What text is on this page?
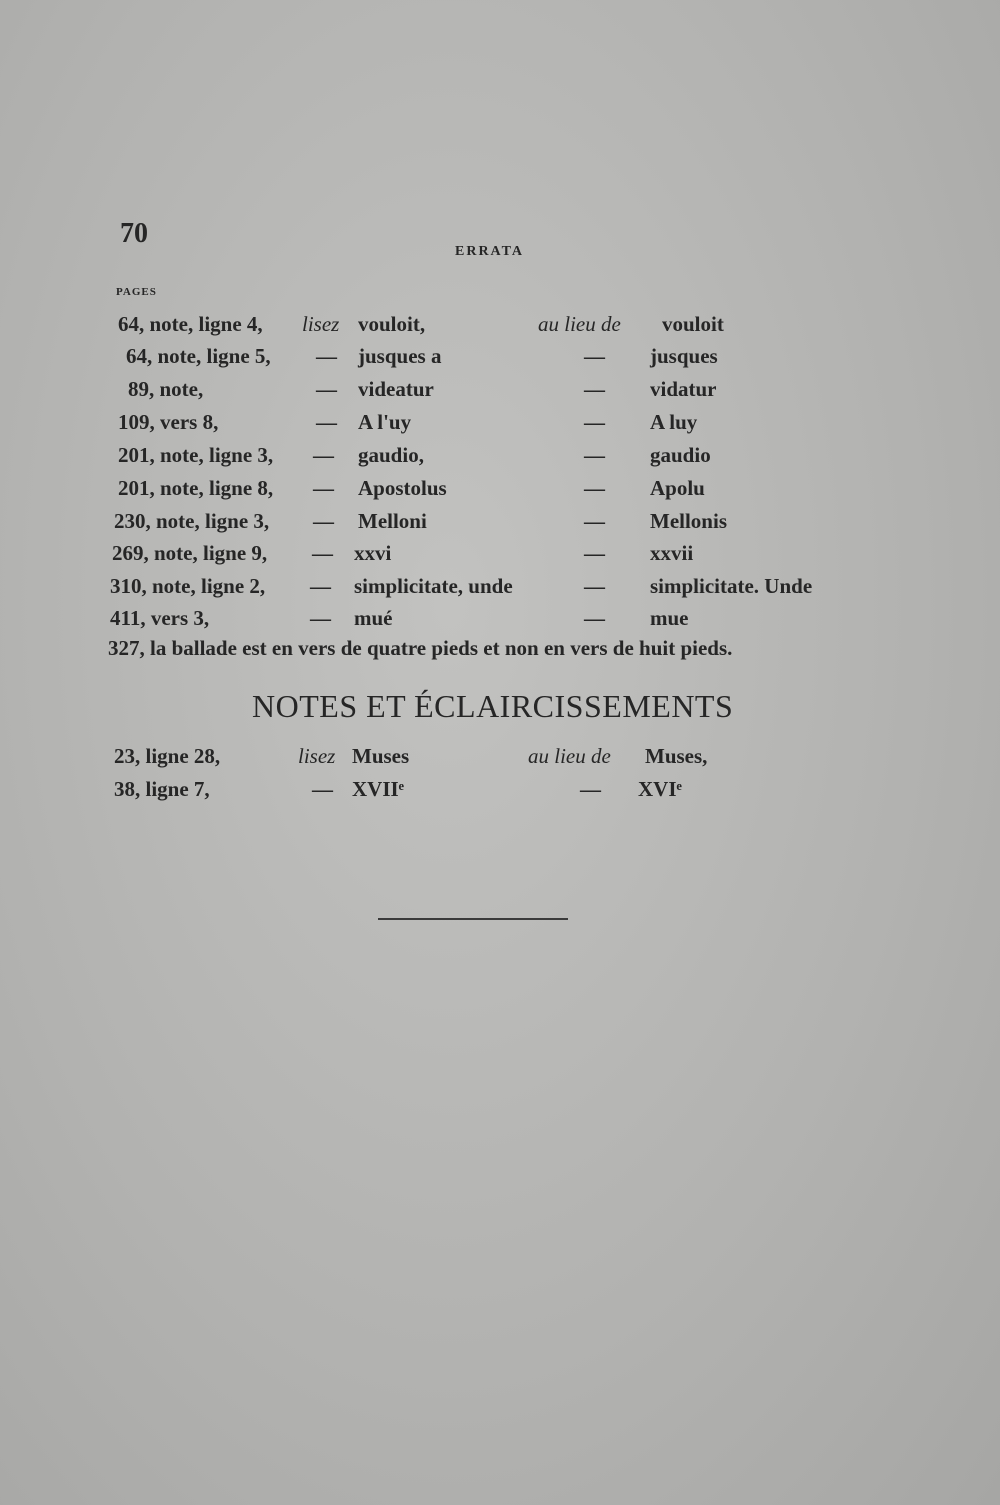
70
ERRATA
PAGES
64, note, ligne 4, lisez vouloit,	au lieu de vouloit
64, note, ligne 5, — jusques a	— jusques
89, note,	— videatur	— vidatur
109, vers 8,	— A l'uy	— A luy
201, note, ligne 3, — gaudio,	— gaudio
201, note, ligne 8, — Apostolus	— Apolu
230, note, ligne 3, — Melloni	— Mellonis
269, note, ligne 9, — xxvi	— xxvii
310, note, ligne 2, — simplicitate, unde	— simplicitate. Unde
411, vers 3,	— mué	— mue
327, la ballade est en vers de quatre pieds et non en vers de huit pieds.
NOTES ET ÉCLAIRCISSEMENTS
23, ligne 28,	lisez Muses	au lieu de Muses,
38, ligne 7,	— XVIIᵉ	— XVIᵉ
